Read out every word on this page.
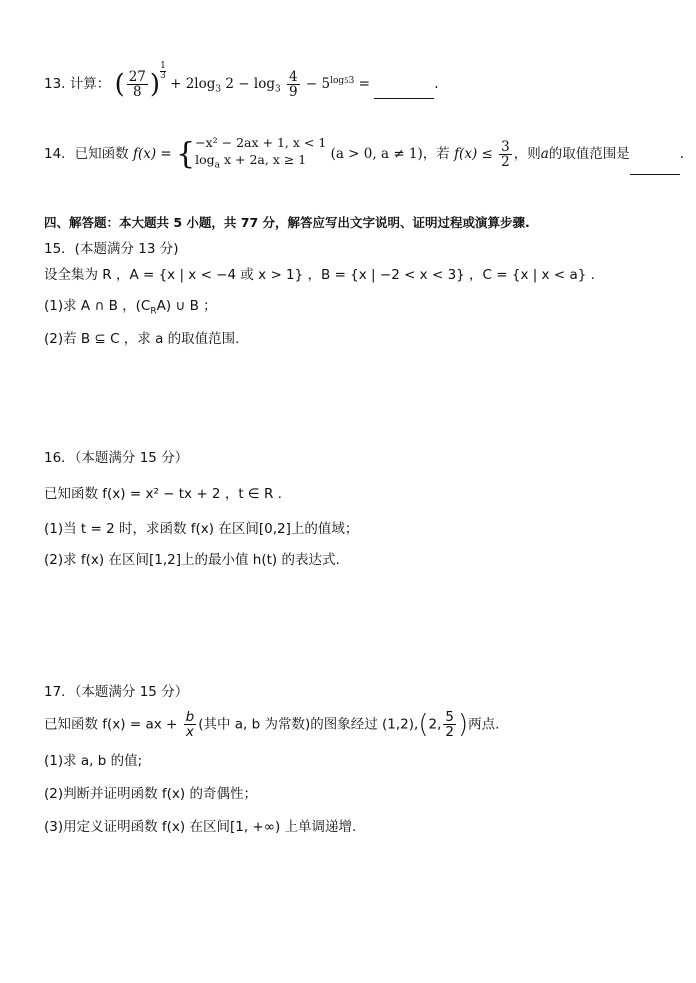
13. 计算： ( $\frac{27}{8}$ ) $\frac{1}{3}$
+ $2\log_3$ $2 - \log_3 \frac{4}{9} - 5^{log53}$ =	.
14．已知函数 f(x) = { −x² − 2ax + 1, x < 1
$\log_a x + 2a$, x ≥ 1	(a > 0, a ≠ 1)，若 $f(x) \le \frac{3}{2}$ ，则a的取值范围是	.
四、解答题：本大题共 5 小题，共 77 分，解答应写出文字说明、证明过程或演算步骤.
15．(本题满分 13 分)
设全集为 R ，A = {x | x < −4 或 x > 1} ，B = {x | −2 < x < 3} ，C = {x | x < a} .
(1)求 A ∩ B ，$(C_RA)$ ∪ B ；
(2)若 B ⊆ C ，求 a 的取值范围.
16．（本题满分 15 分）
已知函数 f(x) = x² − tx + 2 ，t ∈ R .
(1)当 t = 2 时，求函数 f(x) 在区间[0,2]上的值域；
(2)求 f(x) 在区间[1,2]上的最小值 h(t) 的表达式.
17．（本题满分 15 分）
已知函数 f(x) = ax + $\frac{b}{x}$ (其中 a, b 为常数)的图象经过 (1,2),(2, $\frac{5}{2}$ )两点.
(1)求 a, b 的值;
(2)判断并证明函数 f(x) 的奇偶性；
(3)用定义证明函数 f(x) 在区间[1, +∞) 上单调递增.
